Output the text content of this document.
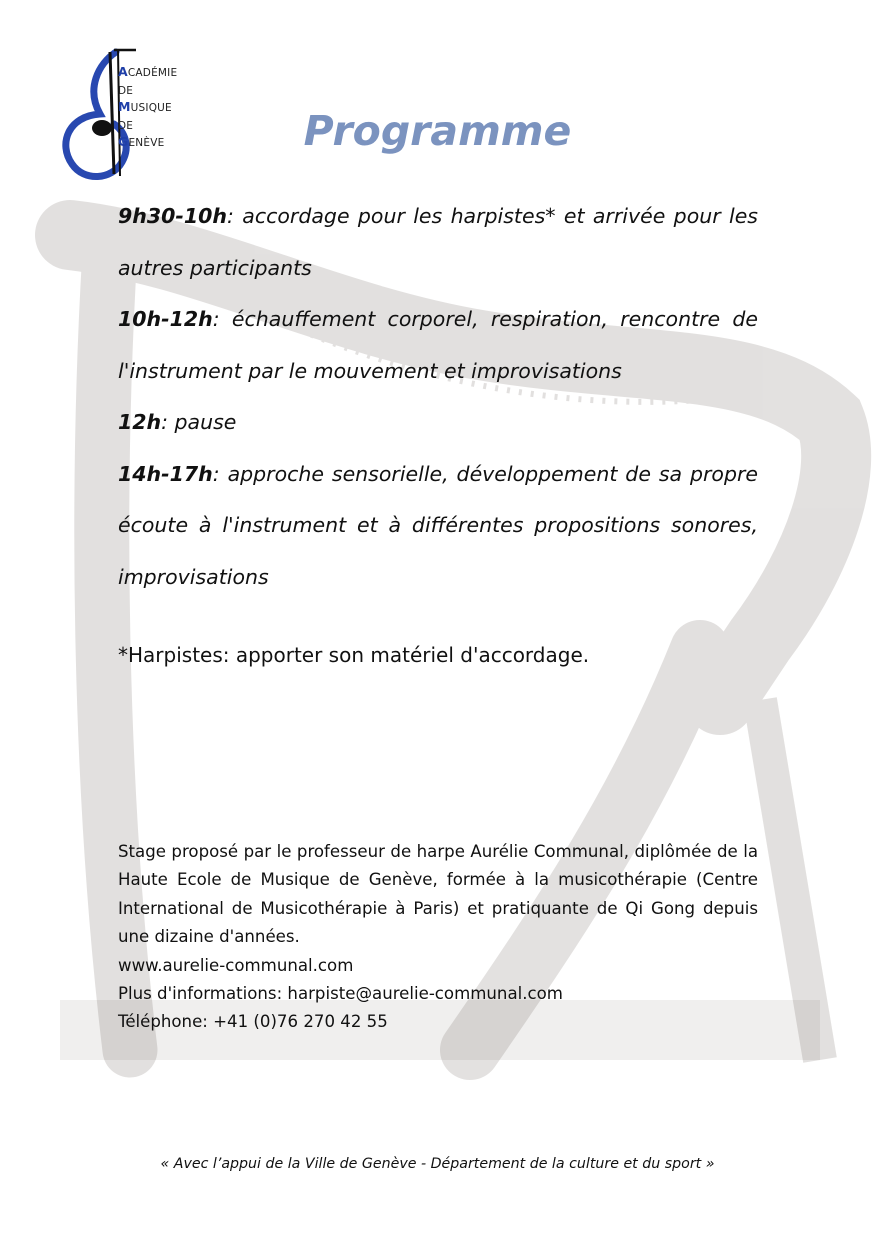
ACADÉMIE
DE
MUSIQUE
DE
GENÈVE	Programme

9h30-10h: accordage pour les harpistes* et arrivée pour les autres participants

10h-12h: échauffement corporel, respiration, rencontre de l'instrument par le mouvement et improvisations

12h: pause

14h-17h: approche sensorielle, développement de sa propre écoute à l'instrument et à différentes propositions sonores, improvisations

*Harpistes: apporter son matériel d'accordage.
Stage proposé par le professeur de harpe Aurélie Communal, diplômée de la Haute Ecole de Musique de Genève, formée à la musicothérapie (Centre International de Musicothérapie à Paris) et pratiquante de Qi Gong depuis une dizaine d'années.
www.aurelie-communal.com
Plus d'informations: harpiste@aurelie-communal.com
Téléphone: +41 (0)76 270 42 55
« Avec l’appui de la Ville de Genève - Département de la culture et du sport »
